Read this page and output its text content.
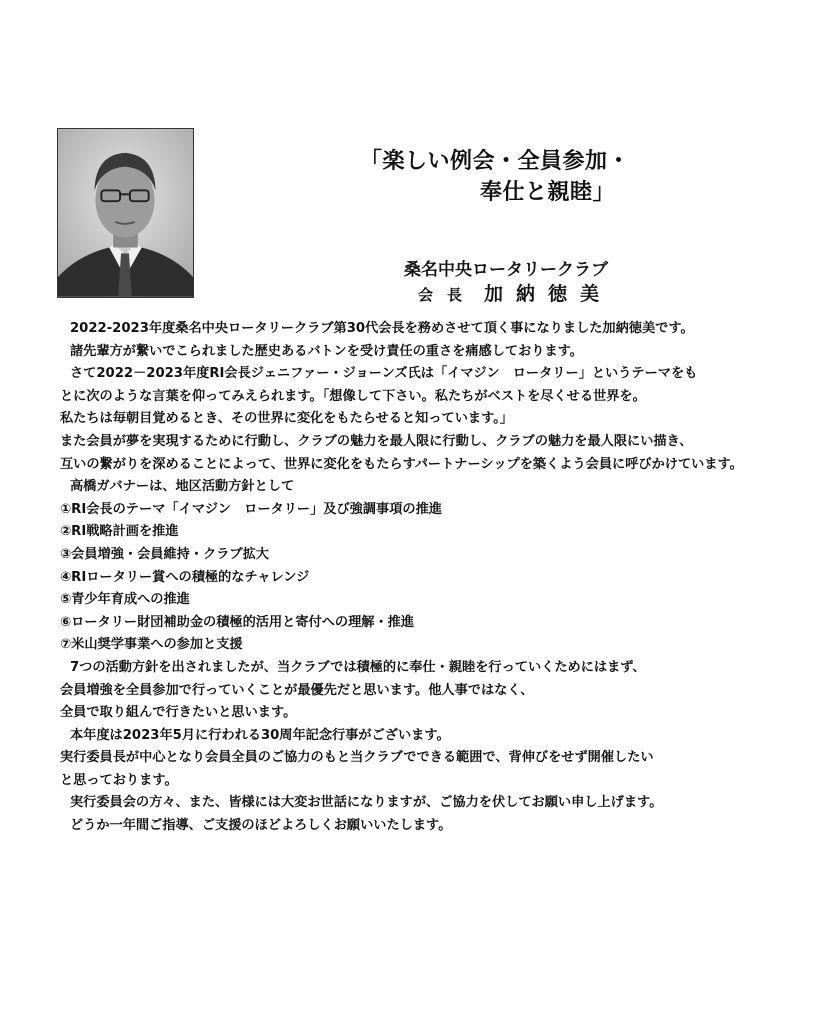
「楽しい例会・全員参加・
奉仕と親睦」
桑名中央ロータリークラブ
会長 加納徳美
2022-2023年度桑名中央ロータリークラブ第30代会長を務めさせて頂く事になりました加納徳美です。
諸先輩方が繋いでこられました歴史あるバトンを受け責任の重さを痛感しております。
さて2022－2023年度RI会長ジェニファー・ジョーンズ氏は「イマジン　ロータリー」というテーマをも
とに次のような言葉を仰ってみえられます。「想像して下さい。私たちがベストを尽くせる世界を。
私たちは毎朝目覚めるとき、その世界に変化をもたらせると知っています。」
また会員が夢を実現するために行動し、クラブの魅力を最人限に行動し、クラブの魅力を最人限にい描き、
互いの繋がりを深めることによって、世界に変化をもたらすパートナーシップを築くよう会員に呼びかけています。
高橋ガバナーは、地区活動方針として
①RI会長のテーマ「イマジン　ロータリー」及び強調事項の推進
②RI戦略計画を推進
③会員増強・会員維持・クラブ拡大
④RIロータリー賞への積極的なチャレンジ
⑤青少年育成への推進
⑥ロータリー財団補助金の積極的活用と寄付への理解・推進
⑦米山奨学事業への参加と支援
7つの活動方針を出されましたが、当クラブでは積極的に奉仕・親睦を行っていくためにはまず、
会員増強を全員参加で行っていくことが最優先だと思います。他人事ではなく、
全員で取り組んで行きたいと思います。
本年度は2023年5月に行われる30周年記念行事がございます。
実行委員長が中心となり会員全員のご協力のもと当クラブでできる範囲で、背伸びをせず開催したい
と思っております。
実行委員会の方々、また、皆様には大変お世話になりますが、ご協力を伏してお願い申し上げます。
どうか一年間ご指導、ご支援のほどよろしくお願いいたします。
